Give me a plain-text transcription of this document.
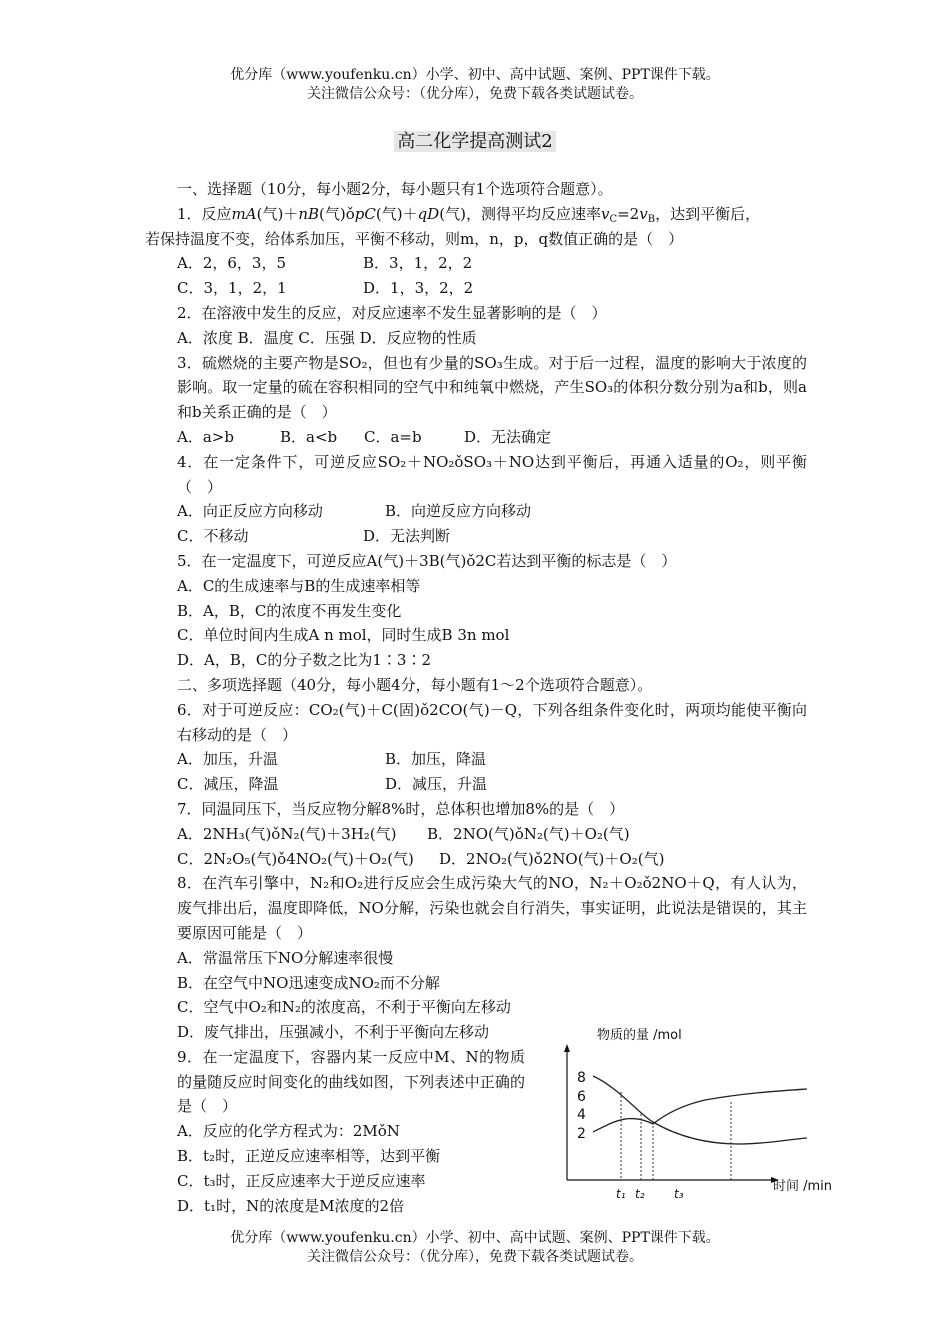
优分库（www.youfenku.cn）小学、初中、高中试题、案例、PPT课件下载。
关注微信公众号：（优分库），免费下载各类试题试卷。
高二化学提高测试2

一、选择题（10分，每小题2分，每小题只有1个选项符合题意）。

1．反应mA(气)＋nB(气)ǒpC(气)＋qD(气)，测得平均反应速率$v_C=2v_B$，达到平衡后，

若保持温度不变，给体系加压，平衡不移动，则m，n，p，q数值正确的是（　）

A．2，6，3，5	B．3，1，2，2

C．3，1，2，1	D．1，3，2，2

2．在溶液中发生的反应，对反应速率不发生显著影响的是（　）

A．浓度 B．温度 C．压强 D．反应物的性质

3．硫燃烧的主要产物是SO₂，但也有少量的SO₃生成。对于后一过程，温度的影响大于浓度的影响。取一定量的硫在容积相同的空气中和纯氧中燃烧，产生SO₃的体积分数分别为a和b，则a和b关系正确的是（　）

A．a>b	B．a<b C．a=b	D．无法确定

4．在一定条件下，可逆反应SO₂＋NO₂ǒSO₃＋NO达到平衡后，再通入适量的O₂，则平衡（　）

A．向正反应方向移动	B．向逆反应方向移动

C．不移动	D．无法判断

5．在一定温度下，可逆反应A(气)＋3B(气)ǒ2C若达到平衡的标志是（　）

A．C的生成速率与B的生成速率相等

B．A，B，C的浓度不再发生变化

C．单位时间内生成A n mol，同时生成B 3n mol

D．A，B，C的分子数之比为1∶3∶2

二、多项选择题（40分，每小题4分，每小题有1～2个选项符合题意）。

6．对于可逆反应：CO₂(气)＋C(固)ǒ2CO(气)－Q，下列各组条件变化时，两项均能使平衡向右移动的是（　）

A．加压，升温	B．加压，降温

C．减压，降温	D．减压，升温

7．同温同压下，当反应物分解8%时，总体积也增加8%的是（　）

A．2NH₃(气)ǒN₂(气)＋3H₂(气) B．2NO(气)ǒN₂(气)＋O₂(气)

C．2N₂O₅(气)ǒ4NO₂(气)＋O₂(气) D．2NO₂(气)ǒ2NO(气)＋O₂(气)

8．在汽车引擎中，N₂和O₂进行反应会生成污染大气的NO，N₂＋O₂ǒ2NO＋Q，有人认为，废气排出后，温度即降低，NO分解，污染也就会自行消失，事实证明，此说法是错误的，其主要原因可能是（　）

A．常温常压下NO分解速率很慢

B．在空气中NO迅速变成NO₂而不分解

C．空气中O₂和N₂的浓度高，不利于平衡向左移动

D．废气排出，压强减小，不利于平衡向左移动

9．在一定温度下，容器内某一反应中M、N的物质的量随反应时间变化的曲线如图，下列表述中正确的是（　）

A．反应的化学方程式为：2MǒN

B．t₂时，正逆反应速率相等，达到平衡

C．t₃时，正反应速率大于逆反应速率

D．t₁时，N的浓度是M浓度的2倍

物质的量 /mol
时间 /min
8
6
4
2
t₁ t₂ t₃
优分库（www.youfenku.cn）小学、初中、高中试题、案例、PPT课件下载。
关注微信公众号：（优分库），免费下载各类试题试卷。
